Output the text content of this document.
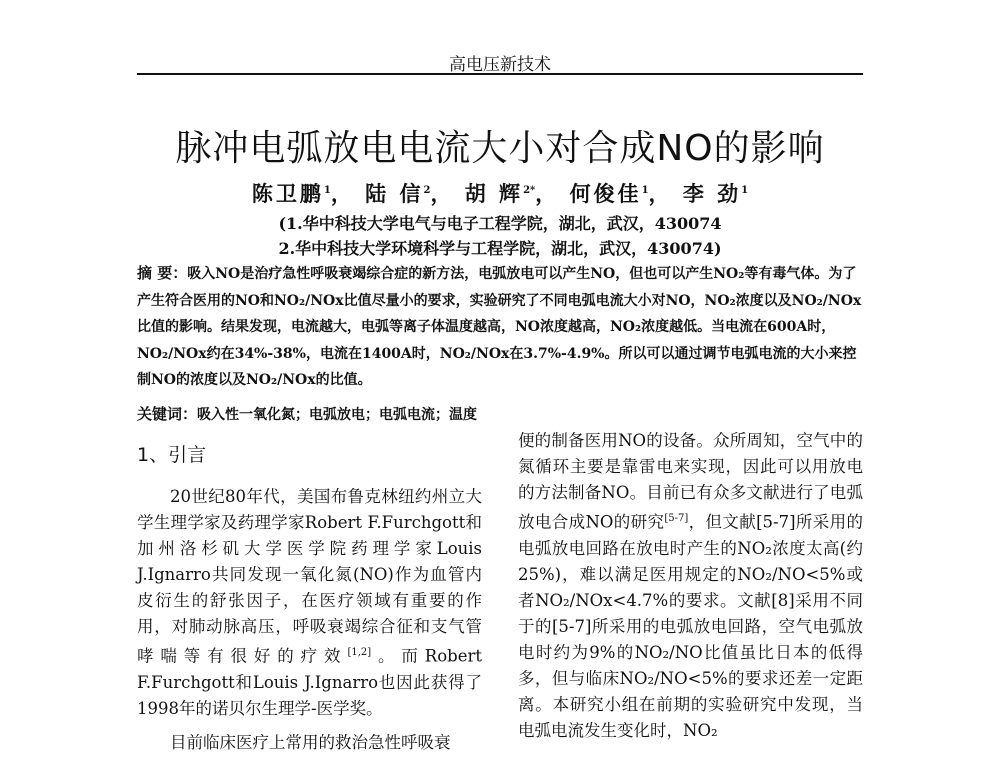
高电压新技术
脉冲电弧放电电流大小对合成NO的影响
陈卫鹏$^1$， 陆 信$^2$， 胡 辉$^{2*}$， 何俊佳$^1$， 李 劲$^1$
(1.华中科技大学电气与电子工程学院，湖北，武汉，430074
2.华中科技大学环境科学与工程学院，湖北，武汉，430074)
摘 要：吸入NO是治疗急性呼吸衰竭综合症的新方法，电弧放电可以产生NO，但也可以产生NO₂等有毒气体。为了产生符合医用的NO和NO₂/NOx比值尽量小的要求，实验研究了不同电弧电流大小对NO，NO₂浓度以及NO₂/NOx比值的影响。结果发现，电流越大，电弧等离子体温度越高，NO浓度越高，NO₂浓度越低。当电流在600A时，NO₂/NOx约在34%-38%，电流在1400A时，NO₂/NOx在3.7%-4.9%。所以可以通过调节电弧电流的大小来控制NO的浓度以及NO₂/NOx的比值。
关键词：吸入性一氧化氮；电弧放电；电弧电流；温度
1、引言

20世纪80年代，美国布鲁克林纽约州立大学生理学家及药理学家Robert F.Furchgott和加州洛杉矶大学医学院药理学家Louis J.Ignarro共同发现一氧化氮(NO)作为血管内皮衍生的舒张因子，在医疗领域有重要的作用，对肺动脉高压，呼吸衰竭综合征和支气管哮喘等有很好的疗效[1,2]。而Robert F.Furchgott和Louis J.Ignarro也因此获得了1998年的诺贝尔生理学-医学奖。

目前临床医疗上常用的救治急性呼吸衰

便的制备医用NO的设备。众所周知，空气中的氮循环主要是靠雷电来实现，因此可以用放电的方法制备NO。目前已有众多文献进行了电弧放电合成NO的研究[5-7]，但文献[5-7]所采用的电弧放电回路在放电时产生的NO₂浓度太高(约25%)，难以满足医用规定的NO₂/NO<5%或者NO₂/NOx<4.7%的要求。文献[8]采用不同于的[5-7]所采用的电弧放电回路，空气电弧放电时约为9%的NO₂/NO比值虽比日本的低得多，但与临床NO₂/NO<5%的要求还差一定距离。本研究小组在前期的实验研究中发现，当电弧电流发生变化时，NO₂
